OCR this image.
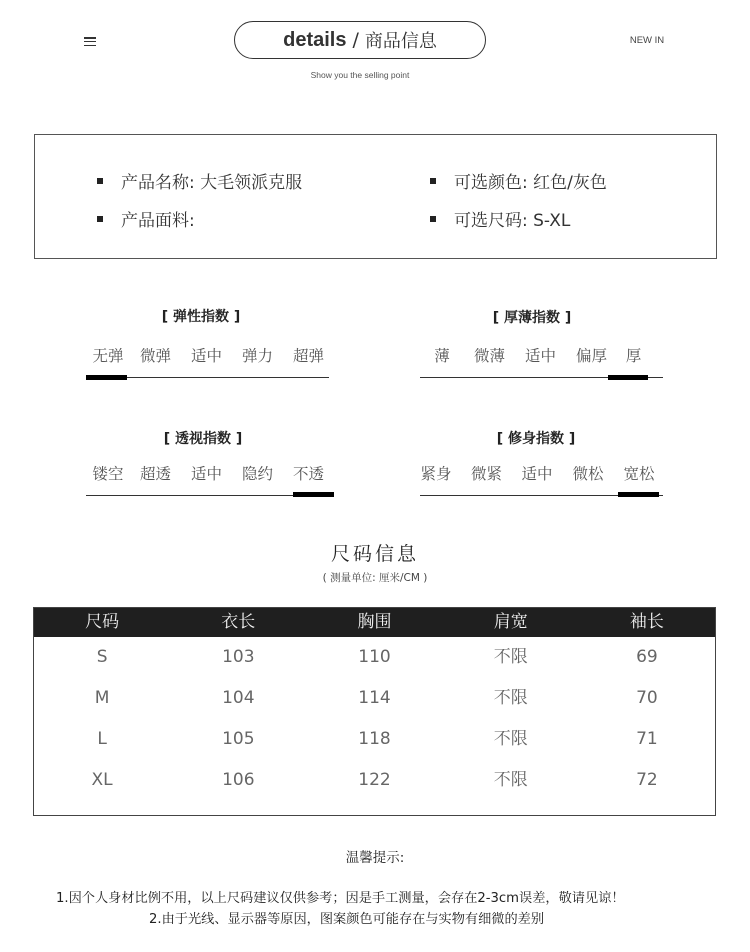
details / 商品信息	NEW IN
Show you the selling point
产品名称: 大毛领派克服
产品面料:
可选颜色: 红色/灰色
可选尺码: S-XL
[ 弹性指数 ]
无弹	微弹	适中	弹力	超弹
[ 厚薄指数 ]
薄	微薄	适中	偏厚	厚
[ 透视指数 ]
镂空	超透	适中	隐约	不透
[ 修身指数 ]
紧身	微紧	适中	微松	宽松
尺码信息
( 测量单位: 厘米/CM )
尺码	衣长	胸围	肩宽	袖长
S	103	110	不限	69
M	104	114	不限	70
L	105	118	不限	71
XL	106	122	不限	72
温馨提示:
1.因个人身材比例不用，以上尺码建议仅供参考；因是手工测量，会存在2-3cm误差，敬请见谅！
2.由于光线、显示器等原因，图案颜色可能存在与实物有细微的差别
